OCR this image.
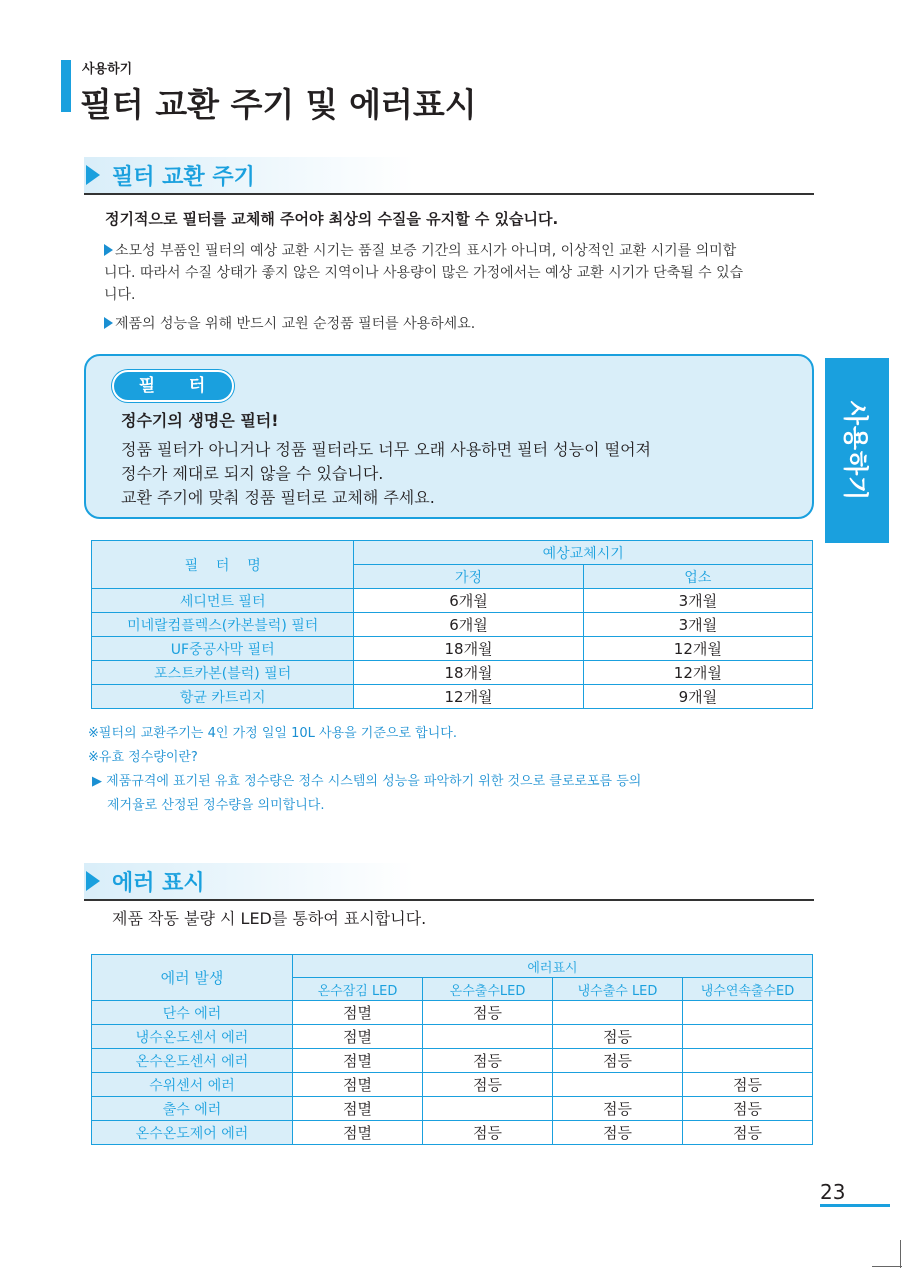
사용하기
필터 교환 주기 및 에러표시
필터 교환 주기
정기적으로 필터를 교체해 주어야 최상의 수질을 유지할 수 있습니다.
소모성 부품인 필터의 예상 교환 시기는 품질 보증 기간의 표시가 아니며, 이상적인 교환 시기를 의미합니다. 따라서 수질 상태가 좋지 않은 지역이나 사용량이 많은 가정에서는 예상 교환 시기가 단축될 수 있습니다.
제품의 성능을 위해 반드시 교원 순정품 필터를 사용하세요.
필    터
정수기의 생명은 필터!
정품 필터가 아니거나 정품 필터라도 너무 오래 사용하면 필터 성능이 떨어져
정수가 제대로 되지 않을 수 있습니다.
교환 주기에 맞춰 정품 필터로 교체해 주세요.
필    터    명	예상교체시기	
	가정	업소
세디먼트 필터	6개월	3개월
미네랄컴플렉스(카본블럭) 필터	6개월	3개월
UF중공사막 필터	18개월	12개월
포스트카본(블럭) 필터	18개월	12개월
항균 카트리지	12개월	9개월
※필터의 교환주기는 4인 가정 일일 10L 사용을 기준으로 합니다.
※유효 정수량이란?
▶ 제품규격에 표기된 유효 정수량은 정수 시스템의 성능을 파악하기 위한 것으로 클로로포름 등의
제거율로 산정된 정수량을 의미합니다.
에러 표시
제품 작동 불량 시 LED를 통하여 표시합니다.
에러 발생	에러표시			
	온수잠김 LED	온수출수LED	냉수출수 LED	냉수연속출수ED
단수 에러	점멸	점등		
냉수온도센서 에러	점멸		점등	
온수온도센서 에러	점멸	점등	점등	
수위센서 에러	점멸	점등		점등
출수 에러	점멸		점등	점등
온수온도제어 에러	점멸	점등	점등	점등
사용하기
23
